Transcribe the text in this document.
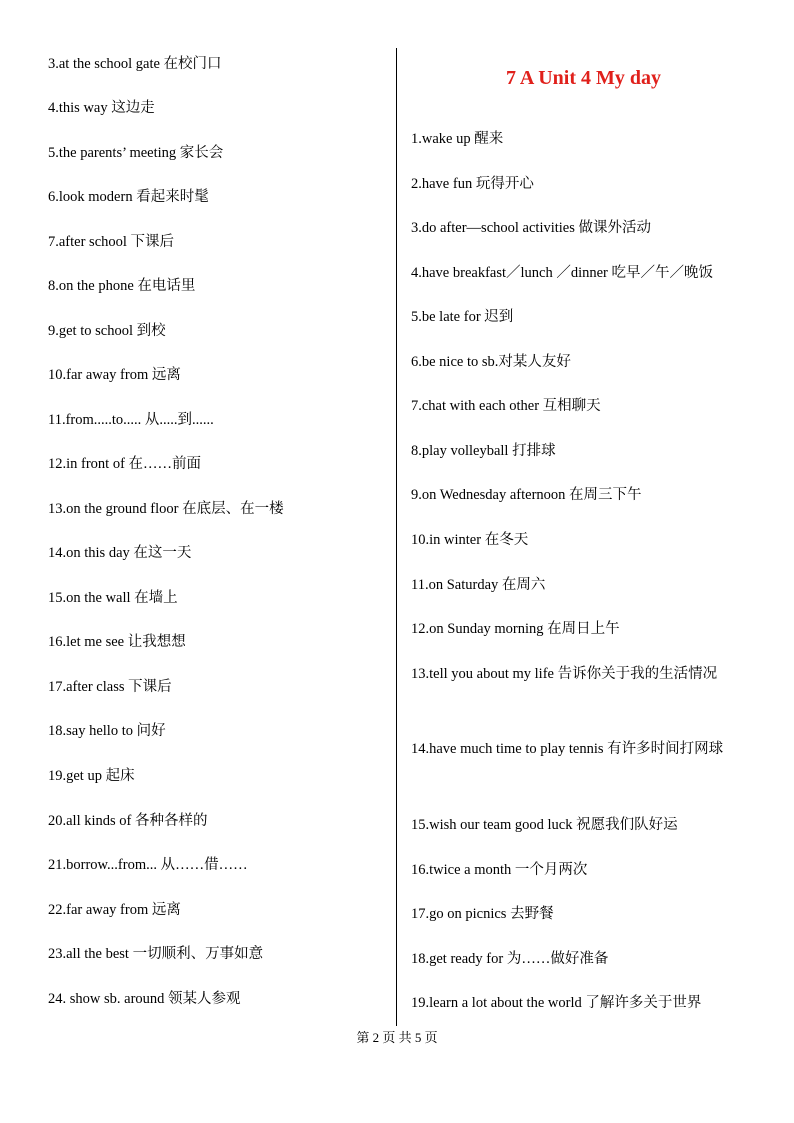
3.at the school gate 在校门口
4.this way 这边走
5.the parents’ meeting 家长会
6.look modern 看起来时髦
7.after school 下课后
8.on the phone 在电话里
9.get to school 到校
10.far away from 远离
11.from.....to..... 从.....到......
12.in front of 在……前面
13.on the ground floor 在底层、在一楼
14.on this day 在这一天
15.on the wall 在墙上
16.let me see 让我想想
17.after class 下课后
18.say hello to 问好
19.get up 起床
20.all kinds of 各种各样的
21.borrow...from... 从……借……
22.far away from 远离
23.all the best 一切顺利、万事如意
24. show sb. around 领某人参观
7 A Unit 4 My day
1.wake up 醒来
2.have fun 玩得开心
3.do after—school activities 做课外活动
4.have breakfast／lunch ／dinner 吃早／午／晚饭
5.be late for 迟到
6.be nice to sb.对某人友好
7.chat with each other 互相聊天
8.play volleyball 打排球
9.on Wednesday afternoon 在周三下午
10.in winter 在冬天
11.on Saturday 在周六
12.on Sunday morning 在周日上午
13.tell you about my life 告诉你关于我的生活情况
14.have much time to play tennis 有许多时间打网球
15.wish our team good luck 祝愿我们队好运
16.twice a month 一个月两次
17.go on picnics 去野餐
18.get ready for 为……做好准备
19.learn a lot about the world 了解许多关于世界
第 2 页 共 5 页
